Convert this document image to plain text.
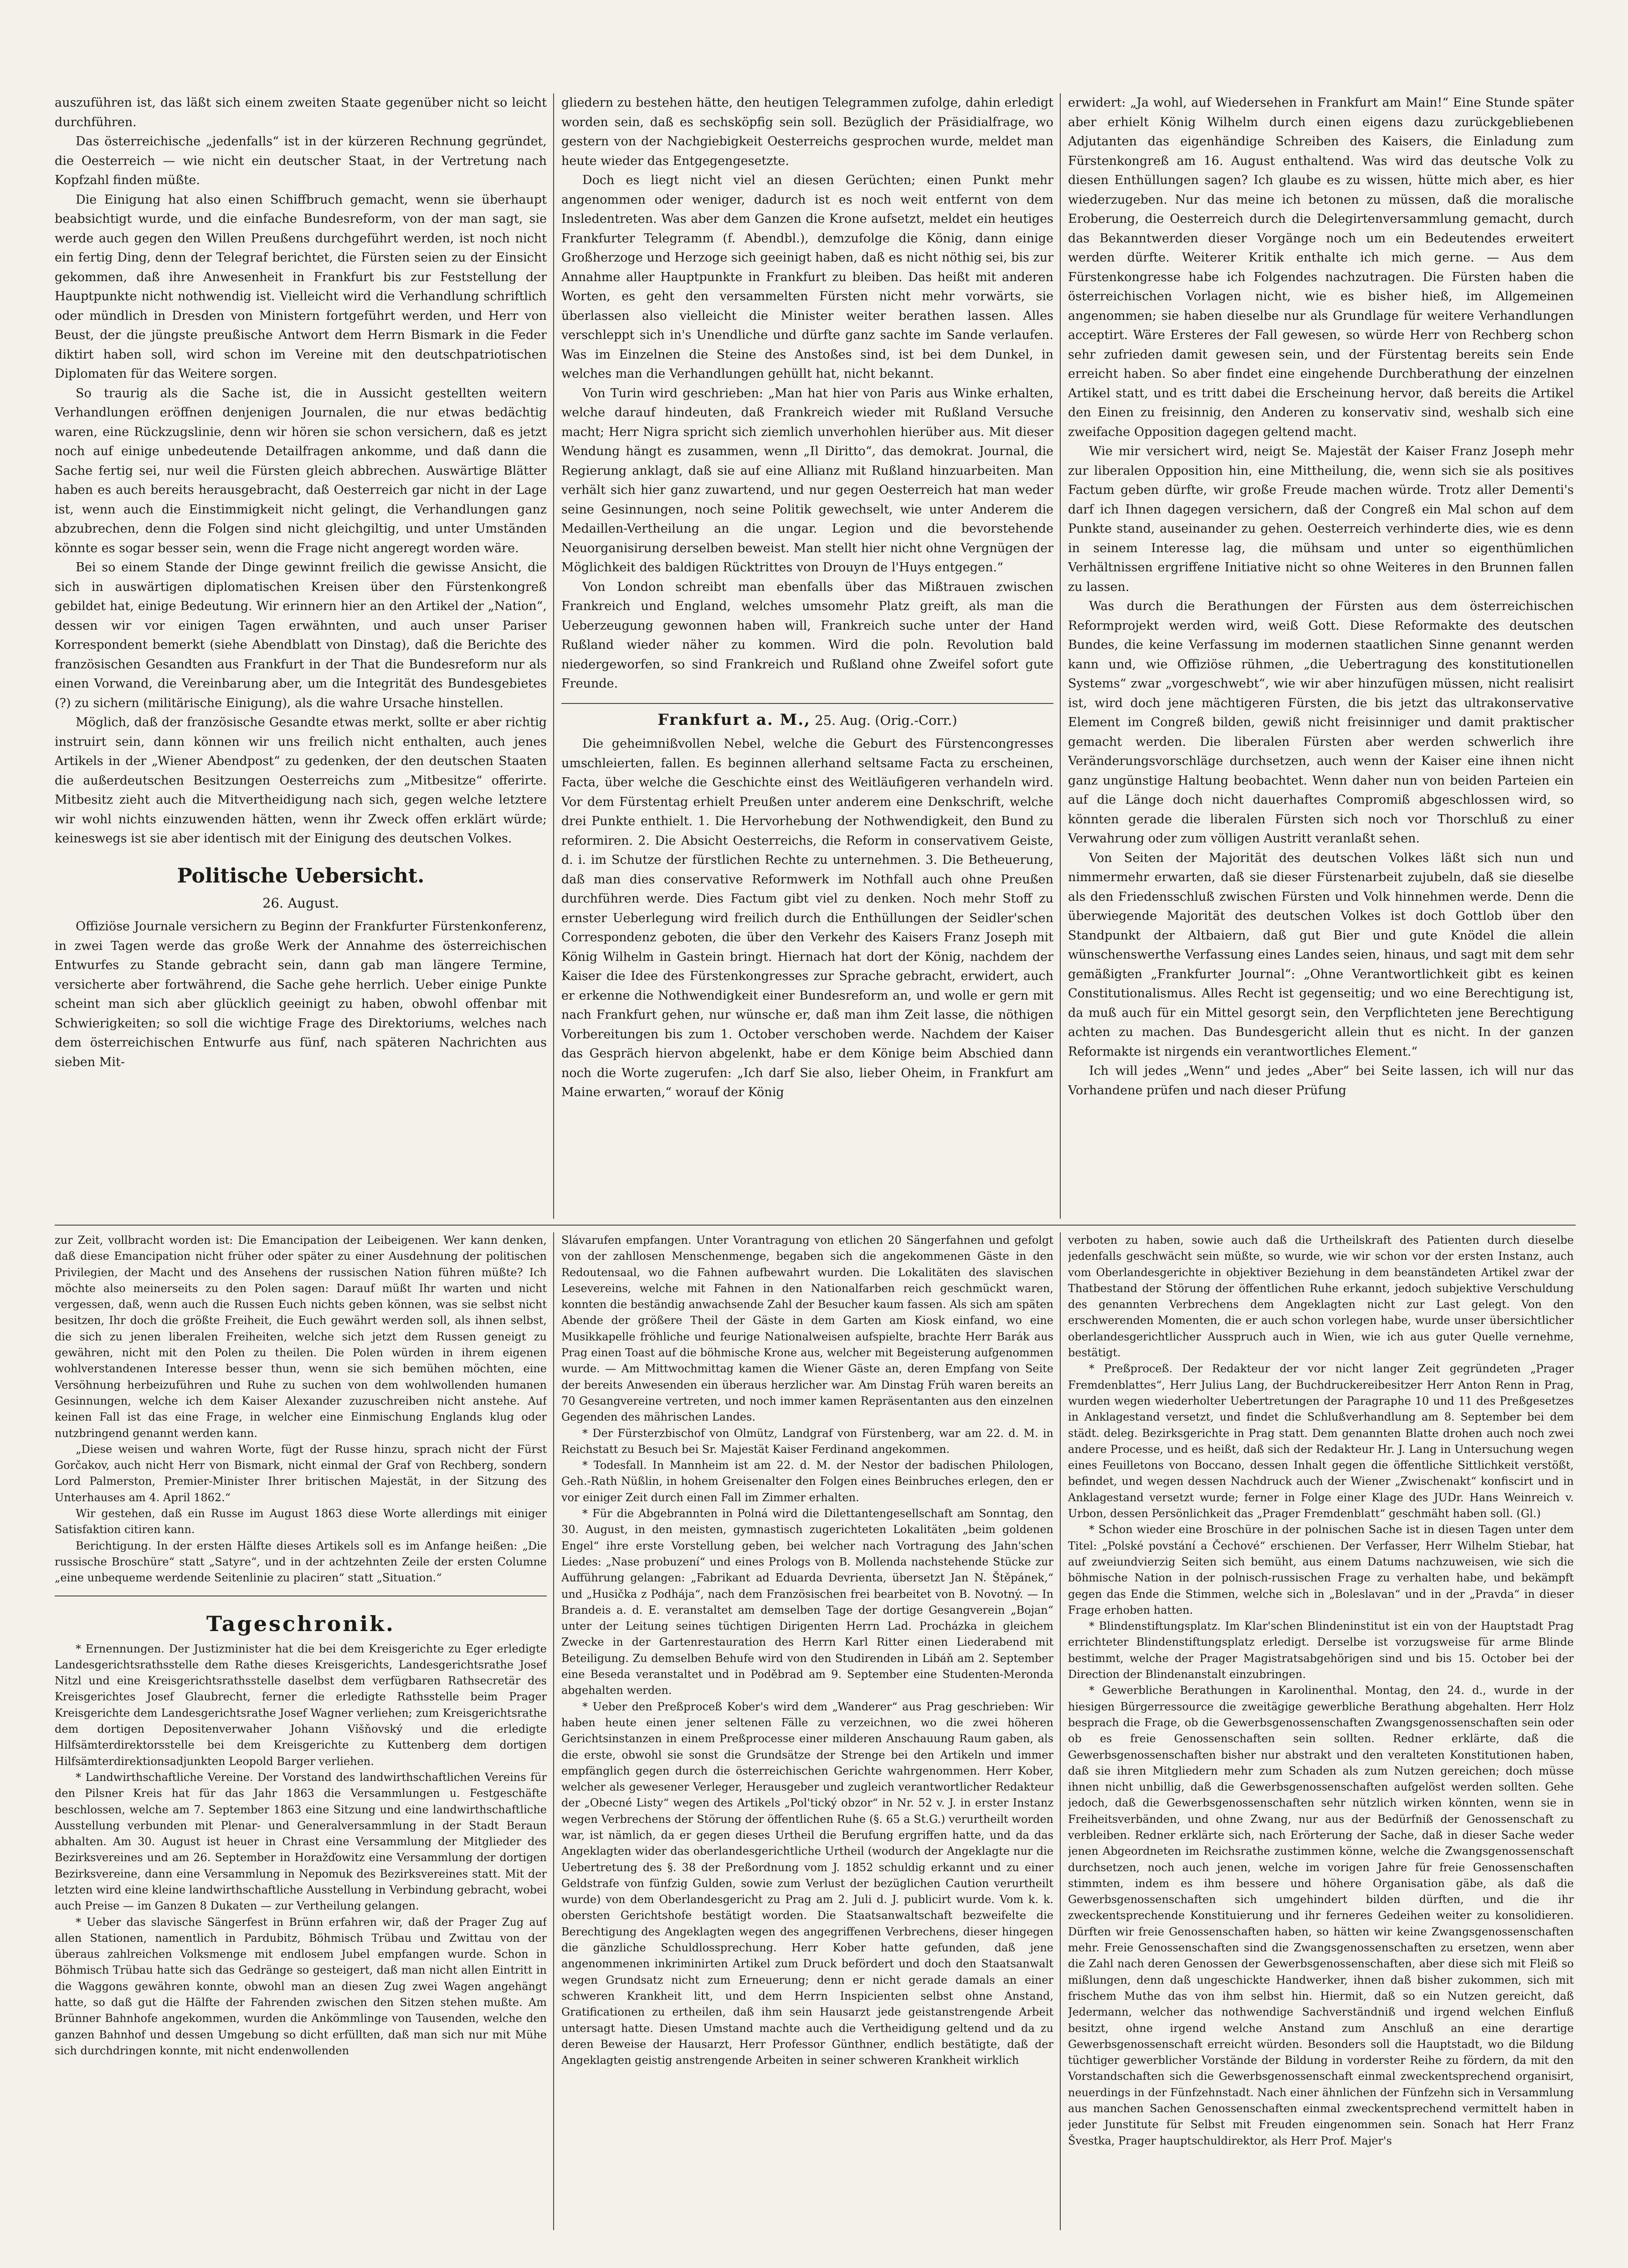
auszuführen ist, das läßt sich einem zweiten Staate gegenüber nicht so leicht durchführen.

Das österreichische „jedenfalls“ ist in der kürzeren Rechnung gegründet, die Oesterreich — wie nicht ein deutscher Staat, in der Vertretung nach Kopfzahl finden müßte.

Die Einigung hat also einen Schiffbruch gemacht, wenn sie überhaupt beabsichtigt wurde, und die einfache Bundesreform, von der man sagt, sie werde auch gegen den Willen Preußens durchgeführt werden, ist noch nicht ein fertig Ding, denn der Telegraf berichtet, die Fürsten seien zu der Einsicht gekommen, daß ihre Anwesenheit in Frankfurt bis zur Feststellung der Hauptpunkte nicht nothwendig ist. Vielleicht wird die Verhandlung schriftlich oder mündlich in Dresden von Ministern fortgeführt werden, und Herr von Beust, der die jüngste preußische Antwort dem Herrn Bismark in die Feder diktirt haben soll, wird schon im Vereine mit den deutschpatriotischen Diplomaten für das Weitere sorgen.

So traurig als die Sache ist, die in Aussicht gestellten weitern Verhandlungen eröffnen denjenigen Journalen, die nur etwas bedächtig waren, eine Rückzugslinie, denn wir hören sie schon versichern, daß es jetzt noch auf einige unbedeutende Detailfragen ankomme, und daß dann die Sache fertig sei, nur weil die Fürsten gleich abbrechen. Auswärtige Blätter haben es auch bereits herausgebracht, daß Oesterreich gar nicht in der Lage ist, wenn auch die Einstimmigkeit nicht gelingt, die Verhandlungen ganz abzubrechen, denn die Folgen sind nicht gleichgiltig, und unter Umständen könnte es sogar besser sein, wenn die Frage nicht angeregt worden wäre.

Bei so einem Stande der Dinge gewinnt freilich die gewisse Ansicht, die sich in auswärtigen diplomatischen Kreisen über den Fürstenkongreß gebildet hat, einige Bedeutung. Wir erinnern hier an den Artikel der „Nation“, dessen wir vor einigen Tagen erwähnten, und auch unser Pariser Korrespondent bemerkt (siehe Abendblatt von Dinstag), daß die Berichte des französischen Gesandten aus Frankfurt in der That die Bundesreform nur als einen Vorwand, die Vereinbarung aber, um die Integrität des Bundesgebietes (?) zu sichern (militärische Einigung), als die wahre Ursache hinstellen.

Möglich, daß der französische Gesandte etwas merkt, sollte er aber richtig instruirt sein, dann können wir uns freilich nicht enthalten, auch jenes Artikels in der „Wiener Abendpost“ zu gedenken, der den deutschen Staaten die außerdeutschen Besitzungen Oesterreichs zum „Mitbesitze“ offerirte. Mitbesitz zieht auch die Mitvertheidigung nach sich, gegen welche letztere wir wohl nichts einzuwenden hätten, wenn ihr Zweck offen erklärt würde; keineswegs ist sie aber identisch mit der Einigung des deutschen Volkes.

Politische Uebersicht.
26. August.

Offiziöse Journale versichern zu Beginn der Frankfurter Fürstenkonferenz, in zwei Tagen werde das große Werk der Annahme des österreichischen Entwurfes zu Stande gebracht sein, dann gab man längere Termine, versicherte aber fortwährend, die Sache gehe herrlich. Ueber einige Punkte scheint man sich aber glücklich geeinigt zu haben, obwohl offenbar mit Schwierigkeiten; so soll die wichtige Frage des Direktoriums, welches nach dem österreichischen Entwurfe aus fünf, nach späteren Nachrichten aus sieben Mit-

gliedern zu bestehen hätte, den heutigen Telegrammen zufolge, dahin erledigt worden sein, daß es sechsköpfig sein soll. Bezüglich der Präsidialfrage, wo gestern von der Nachgiebigkeit Oesterreichs gesprochen wurde, meldet man heute wieder das Entgegengesetzte.

Doch es liegt nicht viel an diesen Gerüchten; einen Punkt mehr angenommen oder weniger, dadurch ist es noch weit entfernt von dem Insledentreten. Was aber dem Ganzen die Krone aufsetzt, meldet ein heutiges Frankfurter Telegramm (f. Abendbl.), demzufolge die König, dann einige Großherzoge und Herzoge sich geeinigt haben, daß es nicht nöthig sei, bis zur Annahme aller Hauptpunkte in Frankfurt zu bleiben. Das heißt mit anderen Worten, es geht den versammelten Fürsten nicht mehr vorwärts, sie überlassen also vielleicht die Minister weiter berathen lassen. Alles verschleppt sich in's Unendliche und dürfte ganz sachte im Sande verlaufen. Was im Einzelnen die Steine des Anstoßes sind, ist bei dem Dunkel, in welches man die Verhandlungen gehüllt hat, nicht bekannt.

Von Turin wird geschrieben: „Man hat hier von Paris aus Winke erhalten, welche darauf hindeuten, daß Frankreich wieder mit Rußland Versuche macht; Herr Nigra spricht sich ziemlich unverhohlen hierüber aus. Mit dieser Wendung hängt es zusammen, wenn „Il Diritto“, das demokrat. Journal, die Regierung anklagt, daß sie auf eine Allianz mit Rußland hinzuarbeiten. Man verhält sich hier ganz zuwartend, und nur gegen Oesterreich hat man weder seine Gesinnungen, noch seine Politik gewechselt, wie unter Anderem die Medaillen-Vertheilung an die ungar. Legion und die bevorstehende Neuorganisirung derselben beweist. Man stellt hier nicht ohne Vergnügen der Möglichkeit des baldigen Rücktrittes von Drouyn de l'Huys entgegen.“

Von London schreibt man ebenfalls über das Mißtrauen zwischen Frankreich und England, welches umsomehr Platz greift, als man die Ueberzeugung gewonnen haben will, Frankreich suche unter der Hand Rußland wieder näher zu kommen. Wird die poln. Revolution bald niedergeworfen, so sind Frankreich und Rußland ohne Zweifel sofort gute Freunde.

Frankfurt a. M., 25. Aug. (Orig.-Corr.)

Die geheimnißvollen Nebel, welche die Geburt des Fürstencongresses umschleierten, fallen. Es beginnen allerhand seltsame Facta zu erscheinen, Facta, über welche die Geschichte einst des Weitläufigeren verhandeln wird. Vor dem Fürstentag erhielt Preußen unter anderem eine Denkschrift, welche drei Punkte enthielt. 1. Die Hervorhebung der Nothwendigkeit, den Bund zu reformiren. 2. Die Absicht Oesterreichs, die Reform in conservativem Geiste, d. i. im Schutze der fürstlichen Rechte zu unternehmen. 3. Die Betheuerung, daß man dies conservative Reformwerk im Nothfall auch ohne Preußen durchführen werde. Dies Factum gibt viel zu denken. Noch mehr Stoff zu ernster Ueberlegung wird freilich durch die Enthüllungen der Seidler'schen Correspondenz geboten, die über den Verkehr des Kaisers Franz Joseph mit König Wilhelm in Gastein bringt. Hiernach hat dort der König, nachdem der Kaiser die Idee des Fürstenkongresses zur Sprache gebracht, erwidert, auch er erkenne die Nothwendigkeit einer Bundesreform an, und wolle er gern mit nach Frankfurt gehen, nur wünsche er, daß man ihm Zeit lasse, die nöthigen Vorbereitungen bis zum 1. October verschoben werde. Nachdem der Kaiser das Gespräch hiervon abgelenkt, habe er dem Könige beim Abschied dann noch die Worte zugerufen: „Ich darf Sie also, lieber Oheim, in Frankfurt am Maine erwarten,“ worauf der König

erwidert: „Ja wohl, auf Wiedersehen in Frankfurt am Main!“ Eine Stunde später aber erhielt König Wilhelm durch einen eigens dazu zurückgebliebenen Adjutanten das eigenhändige Schreiben des Kaisers, die Einladung zum Fürstenkongreß am 16. August enthaltend. Was wird das deutsche Volk zu diesen Enthüllungen sagen? Ich glaube es zu wissen, hütte mich aber, es hier wiederzugeben. Nur das meine ich betonen zu müssen, daß die moralische Eroberung, die Oesterreich durch die Delegirtenversammlung gemacht, durch das Bekanntwerden dieser Vorgänge noch um ein Bedeutendes erweitert werden dürfte. Weiterer Kritik enthalte ich mich gerne. — Aus dem Fürstenkongresse habe ich Folgendes nachzutragen. Die Fürsten haben die österreichischen Vorlagen nicht, wie es bisher hieß, im Allgemeinen angenommen; sie haben dieselbe nur als Grundlage für weitere Verhandlungen acceptirt. Wäre Ersteres der Fall gewesen, so würde Herr von Rechberg schon sehr zufrieden damit gewesen sein, und der Fürstentag bereits sein Ende erreicht haben. So aber findet eine eingehende Durchberathung der einzelnen Artikel statt, und es tritt dabei die Erscheinung hervor, daß bereits die Artikel den Einen zu freisinnig, den Anderen zu konservativ sind, weshalb sich eine zweifache Opposition dagegen geltend macht.

Wie mir versichert wird, neigt Se. Majestät der Kaiser Franz Joseph mehr zur liberalen Opposition hin, eine Mittheilung, die, wenn sich sie als positives Factum geben dürfte, wir große Freude machen würde. Trotz aller Dementi's darf ich Ihnen dagegen versichern, daß der Congreß ein Mal schon auf dem Punkte stand, auseinander zu gehen. Oesterreich verhinderte dies, wie es denn in seinem Interesse lag, die mühsam und unter so eigenthümlichen Verhältnissen ergriffene Initiative nicht so ohne Weiteres in den Brunnen fallen zu lassen.

Was durch die Berathungen der Fürsten aus dem österreichischen Reformprojekt werden wird, weiß Gott. Diese Reformakte des deutschen Bundes, die keine Verfassung im modernen staatlichen Sinne genannt werden kann und, wie Offiziöse rühmen, „die Uebertragung des konstitutionellen Systems“ zwar „vorgeschwebt“, wie wir aber hinzufügen müssen, nicht realisirt ist, wird doch jene mächtigeren Fürsten, die bis jetzt das ultrakonservative Element im Congreß bilden, gewiß nicht freisinniger und damit praktischer gemacht werden. Die liberalen Fürsten aber werden schwerlich ihre Veränderungsvorschläge durchsetzen, auch wenn der Kaiser eine ihnen nicht ganz ungünstige Haltung beobachtet. Wenn daher nun von beiden Parteien ein auf die Länge doch nicht dauerhaftes Compromiß abgeschlossen wird, so könnten gerade die liberalen Fürsten sich noch vor Thorschluß zu einer Verwahrung oder zum völligen Austritt veranlaßt sehen.

Von Seiten der Majorität des deutschen Volkes läßt sich nun und nimmermehr erwarten, daß sie dieser Fürstenarbeit zujubeln, daß sie dieselbe als den Friedensschluß zwischen Fürsten und Volk hinnehmen werde. Denn die überwiegende Majorität des deutschen Volkes ist doch Gottlob über den Standpunkt der Altbaiern, daß gut Bier und gute Knödel die allein wünschenswerthe Verfassung eines Landes seien, hinaus, und sagt mit dem sehr gemäßigten „Frankfurter Journal“: „Ohne Verantwortlichkeit gibt es keinen Constitutionalismus. Alles Recht ist gegenseitig; und wo eine Berechtigung ist, da muß auch für ein Mittel gesorgt sein, den Verpflichteten jene Berechtigung achten zu machen. Das Bundesgericht allein thut es nicht. In der ganzen Reformakte ist nirgends ein verantwortliches Element.“

Ich will jedes „Wenn“ und jedes „Aber“ bei Seite lassen, ich will nur das Vorhandene prüfen und nach dieser Prüfung

zur Zeit, vollbracht worden ist: Die Emancipation der Leibeigenen. Wer kann denken, daß diese Emancipation nicht früher oder später zu einer Ausdehnung der politischen Privilegien, der Macht und des Ansehens der russischen Nation führen müßte? Ich möchte also meinerseits zu den Polen sagen: Darauf müßt Ihr warten und nicht vergessen, daß, wenn auch die Russen Euch nichts geben können, was sie selbst nicht besitzen, Ihr doch die größte Freiheit, die Euch gewährt werden soll, als ihnen selbst, die sich zu jenen liberalen Freiheiten, welche sich jetzt dem Russen geneigt zu gewähren, nicht mit den Polen zu theilen. Die Polen würden in ihrem eigenen wohlverstandenen Interesse besser thun, wenn sie sich bemühen möchten, eine Versöhnung herbeizuführen und Ruhe zu suchen von dem wohlwollenden humanen Gesinnungen, welche ich dem Kaiser Alexander zuzuschreiben nicht anstehe. Auf keinen Fall ist das eine Frage, in welcher eine Einmischung Englands klug oder nutzbringend genannt werden kann.

„Diese weisen und wahren Worte, fügt der Russe hinzu, sprach nicht der Fürst Gorčakov, auch nicht Herr von Bismark, nicht einmal der Graf von Rechberg, sondern Lord Palmerston, Premier-Minister Ihrer britischen Majestät, in der Sitzung des Unterhauses am 4. April 1862.“

Wir gestehen, daß ein Russe im August 1863 diese Worte allerdings mit einiger Satisfaktion citiren kann.

Berichtigung. In der ersten Hälfte dieses Artikels soll es im Anfange heißen: „Die russische Broschüre“ statt „Satyre“, und in der achtzehnten Zeile der ersten Columne „eine unbequeme werdende Seitenlinie zu placiren“ statt „Situation.“

Tageschronik.

* Ernennungen. Der Justizminister hat die bei dem Kreisgerichte zu Eger erledigte Landesgerichtsrathsstelle dem Rathe dieses Kreisgerichts, Landesgerichtsrathe Josef Nitzl und eine Kreisgerichtsrathsstelle daselbst dem verfügbaren Rathsecretär des Kreisgerichtes Josef Glaubrecht, ferner die erledigte Rathsstelle beim Prager Kreisgerichte dem Landesgerichtsrathe Josef Wagner verliehen; zum Kreisgerichtsrathe dem dortigen Depositenverwaher Johann Višňovský und die erledigte Hilfsämterdirektorsstelle bei dem Kreisgerichte zu Kuttenberg dem dortigen Hilfsämterdirektionsadjunkten Leopold Barger verliehen.

* Landwirthschaftliche Vereine. Der Vorstand des landwirthschaftlichen Vereins für den Pilsner Kreis hat für das Jahr 1863 die Versammlungen u. Festgeschäfte beschlossen, welche am 7. September 1863 eine Sitzung und eine landwirthschaftliche Ausstellung verbunden mit Plenar- und Generalversammlung in der Stadt Beraun abhalten. Am 30. August ist heuer in Chrast eine Versammlung der Mitglieder des Bezirksvereines und am 26. September in Horažďowitz eine Versammlung der dortigen Bezirksvereine, dann eine Versammlung in Nepomuk des Bezirksvereines statt. Mit der letzten wird eine kleine landwirthschaftliche Ausstellung in Verbindung gebracht, wobei auch Preise — im Ganzen 8 Dukaten — zur Vertheilung gelangen.

* Ueber das slavische Sängerfest in Brünn erfahren wir, daß der Prager Zug auf allen Stationen, namentlich in Pardubitz, Böhmisch Trübau und Zwittau von der überaus zahlreichen Volksmenge mit endlosem Jubel empfangen wurde. Schon in Böhmisch Trübau hatte sich das Gedränge so gesteigert, daß man nicht allen Eintritt in die Waggons gewähren konnte, obwohl man an diesen Zug zwei Wagen angehängt hatte, so daß gut die Hälfte der Fahrenden zwischen den Sitzen stehen mußte. Am Brünner Bahnhofe angekommen, wurden die Ankömmlinge von Tausenden, welche den ganzen Bahnhof und dessen Umgebung so dicht erfüllten, daß man sich nur mit Mühe sich durchdringen konnte, mit nicht endenwollenden

Slávarufen empfangen. Unter Vorantragung von etlichen 20 Sängerfahnen und gefolgt von der zahllosen Menschenmenge, begaben sich die angekommenen Gäste in den Redoutensaal, wo die Fahnen aufbewahrt wurden. Die Lokalitäten des slavischen Lesevereins, welche mit Fahnen in den Nationalfarben reich geschmückt waren, konnten die beständig anwachsende Zahl der Besucher kaum fassen. Als sich am späten Abende der größere Theil der Gäste in dem Garten am Kiosk einfand, wo eine Musikkapelle fröhliche und feurige Nationalweisen aufspielte, brachte Herr Barák aus Prag einen Toast auf die böhmische Krone aus, welcher mit Begeisterung aufgenommen wurde. — Am Mittwochmittag kamen die Wiener Gäste an, deren Empfang von Seite der bereits Anwesenden ein überaus herzlicher war. Am Dinstag Früh waren bereits an 70 Gesangvereine vertreten, und noch immer kamen Repräsentanten aus den einzelnen Gegenden des mährischen Landes.

* Der Fürsterzbischof von Olmütz, Landgraf von Fürstenberg, war am 22. d. M. in Reichstatt zu Besuch bei Sr. Majestät Kaiser Ferdinand angekommen.

* Todesfall. In Mannheim ist am 22. d. M. der Nestor der badischen Philologen, Geh.-Rath Nüßlin, in hohem Greisenalter den Folgen eines Beinbruches erlegen, den er vor einiger Zeit durch einen Fall im Zimmer erhalten.

* Für die Abgebrannten in Polná wird die Dilettantengesellschaft am Sonntag, den 30. August, in den meisten, gymnastisch zugerichteten Lokalitäten „beim goldenen Engel“ ihre erste Vorstellung geben, bei welcher nach Vortragung des Jahn'schen Liedes: „Nase probuzení“ und eines Prologs von B. Mollenda nachstehende Stücke zur Aufführung gelangen: „Fabrikant ad Eduarda Devrienta, übersetzt Jan N. Štěpánek,“ und „Husička z Podhája“, nach dem Französischen frei bearbeitet von B. Novotný. — In Brandeis a. d. E. veranstaltet am demselben Tage der dortige Gesangverein „Bojan“ unter der Leitung seines tüchtigen Dirigenten Herrn Lad. Procházka in gleichem Zwecke in der Gartenrestauration des Herrn Karl Ritter einen Liederabend mit Beteiligung. Zu demselben Behufe wird von den Studirenden in Libáň am 2. September eine Beseda veranstaltet und in Poděbrad am 9. September eine Studenten-Meronda abgehalten werden.

* Ueber den Preßproceß Kober's wird dem „Wanderer“ aus Prag geschrieben: Wir haben heute einen jener seltenen Fälle zu verzeichnen, wo die zwei höheren Gerichtsinstanzen in einem Preßprocesse einer milderen Anschauung Raum gaben, als die erste, obwohl sie sonst die Grundsätze der Strenge bei den Artikeln und immer empfänglich gegen durch die österreichischen Gerichte wahrgenommen. Herr Kober, welcher als gewesener Verleger, Herausgeber und zugleich verantwortlicher Redakteur der „Obecné Listy“ wegen des Artikels „Pol'tický obzor“ in Nr. 52 v. J. in erster Instanz wegen Verbrechens der Störung der öffentlichen Ruhe (§. 65 a St.G.) verurtheilt worden war, ist nämlich, da er gegen dieses Urtheil die Berufung ergriffen hatte, und da das Angeklagten wider das oberlandesgerichtliche Urtheil (wodurch der Angeklagte nur die Uebertretung des §. 38 der Preßordnung vom J. 1852 schuldig erkannt und zu einer Geldstrafe von fünfzig Gulden, sowie zum Verlust der bezüglichen Caution verurtheilt wurde) von dem Oberlandesgericht zu Prag am 2. Juli d. J. publicirt wurde. Vom k. k. obersten Gerichtshofe bestätigt worden. Die Staatsanwaltschaft bezweifelte die Berechtigung des Angeklagten wegen des angegriffenen Verbrechens, dieser hingegen die gänzliche Schuldlossprechung. Herr Kober hatte gefunden, daß jene angenommenen inkriminirten Artikel zum Druck befördert und doch den Staatsanwalt wegen Grundsatz nicht zum Erneuerung; denn er nicht gerade damals an einer schweren Krankheit litt, und dem Herrn Inspicienten selbst ohne Anstand, Gratificationen zu ertheilen, daß ihm sein Hausarzt jede geistanstrengende Arbeit untersagt hatte. Diesen Umstand machte auch die Vertheidigung geltend und da zu deren Beweise der Hausarzt, Herr Professor Günthner, endlich bestätigte, daß der Angeklagten geistig anstrengende Arbeiten in seiner schweren Krankheit wirklich

verboten zu haben, sowie auch daß die Urtheilskraft des Patienten durch dieselbe jedenfalls geschwächt sein müßte, so wurde, wie wir schon vor der ersten Instanz, auch vom Oberlandesgerichte in objektiver Beziehung in dem beanständeten Artikel zwar der Thatbestand der Störung der öffentlichen Ruhe erkannt, jedoch subjektive Verschuldung des genannten Verbrechens dem Angeklagten nicht zur Last gelegt. Von den erschwerenden Momenten, die er auch schon vorlegen habe, wurde unser übersichtlicher oberlandesgerichtlicher Ausspruch auch in Wien, wie ich aus guter Quelle vernehme, bestätigt.

* Preßproceß. Der Redakteur der vor nicht langer Zeit gegründeten „Prager Fremdenblattes“, Herr Julius Lang, der Buchdruckereibesitzer Herr Anton Renn in Prag, wurden wegen wiederholter Uebertretungen der Paragraphe 10 und 11 des Preßgesetzes in Anklagestand versetzt, und findet die Schlußverhandlung am 8. September bei dem städt. deleg. Bezirksgerichte in Prag statt. Dem genannten Blatte drohen auch noch zwei andere Processe, und es heißt, daß sich der Redakteur Hr. J. Lang in Untersuchung wegen eines Feuilletons von Boccano, dessen Inhalt gegen die öffentliche Sittlichkeit verstößt, befindet, und wegen dessen Nachdruck auch der Wiener „Zwischenakt“ konfiscirt und in Anklagestand versetzt wurde; ferner in Folge einer Klage des JUDr. Hans Weinreich v. Urbon, dessen Persönlichkeit das „Prager Fremdenblatt“ geschmäht haben soll. (Gl.)

* Schon wieder eine Broschüre in der polnischen Sache ist in diesen Tagen unter dem Titel: „Polské povstání a Čechové“ erschienen. Der Verfasser, Herr Wilhelm Stiebar, hat auf zweiundvierzig Seiten sich bemüht, aus einem Datums nachzuweisen, wie sich die böhmische Nation in der polnisch-russischen Frage zu verhalten habe, und bekämpft gegen das Ende die Stimmen, welche sich in „Boleslavan“ und in der „Pravda“ in dieser Frage erhoben hatten.

* Blindenstiftungsplatz. Im Klar'schen Blindeninstitut ist ein von der Hauptstadt Prag errichteter Blindenstiftungsplatz erledigt. Derselbe ist vorzugsweise für arme Blinde bestimmt, welche der Prager Magistratsabgehörigen sind und bis 15. October bei der Direction der Blindenanstalt einzubringen.

* Gewerbliche Berathungen in Karolinenthal. Montag, den 24. d., wurde in der hiesigen Bürgerressource die zweitägige gewerbliche Berathung abgehalten. Herr Holz besprach die Frage, ob die Gewerbsgenossenschaften Zwangsgenossenschaften sein oder ob es freie Genossenschaften sein sollten. Redner erklärte, daß die Gewerbsgenossenschaften bisher nur abstrakt und den veralteten Konstitutionen haben, daß sie ihren Mitgliedern mehr zum Schaden als zum Nutzen gereichen; doch müsse ihnen nicht unbillig, daß die Gewerbsgenossenschaften aufgelöst werden sollten. Gehe jedoch, daß die Gewerbsgenossenschaften sehr nützlich wirken könnten, wenn sie in Freiheitsverbänden, und ohne Zwang, nur aus der Bedürfniß der Genossenschaft zu verbleiben. Redner erklärte sich, nach Erörterung der Sache, daß in dieser Sache weder jenen Abgeordneten im Reichsrathe zustimmen könne, welche die Zwangsgenossenschaft durchsetzen, noch auch jenen, welche im vorigen Jahre für freie Genossenschaften stimmten, indem es ihm bessere und höhere Organisation gäbe, als daß die Gewerbsgenossenschaften sich umgehindert bilden dürften, und die ihr zweckentsprechende Konstituierung und ihr ferneres Gedeihen weiter zu konsolidieren. Dürften wir freie Genossenschaften haben, so hätten wir keine Zwangsgenossenschaften mehr. Freie Genossenschaften sind die Zwangsgenossenschaften zu ersetzen, wenn aber die Zahl nach deren Genossen der Gewerbsgenossenschaften, aber diese sich mit Fleiß so mißlungen, denn daß ungeschickte Handwerker, ihnen daß bisher zukommen, sich mit frischem Muthe das von ihm selbst hin. Hiermit, daß so ein Nutzen gereicht, daß Jedermann, welcher das nothwendige Sachverständniß und irgend welchen Einfluß besitzt, ohne irgend welche Anstand zum Anschluß an eine derartige Gewerbsgenossenschaft erreicht würden. Besonders soll die Hauptstadt, wo die Bildung tüchtiger gewerblicher Vorstände der Bildung in vorderster Reihe zu fördern, da mit den Vorstandschaften sich die Gewerbsgenossenschaft einmal zweckentsprechend organisirt, neuerdings in der Fünfzehnstadt. Nach einer ähnlichen der Fünfzehn sich in Versammlung aus manchen Sachen Genossenschaften einmal zweckentsprechend vermittelt haben in jeder Junstitute für Selbst mit Freuden eingenommen sein. Sonach hat Herr Franz Švestka, Prager hauptschuldirektor, als Herr Prof. Majer's
